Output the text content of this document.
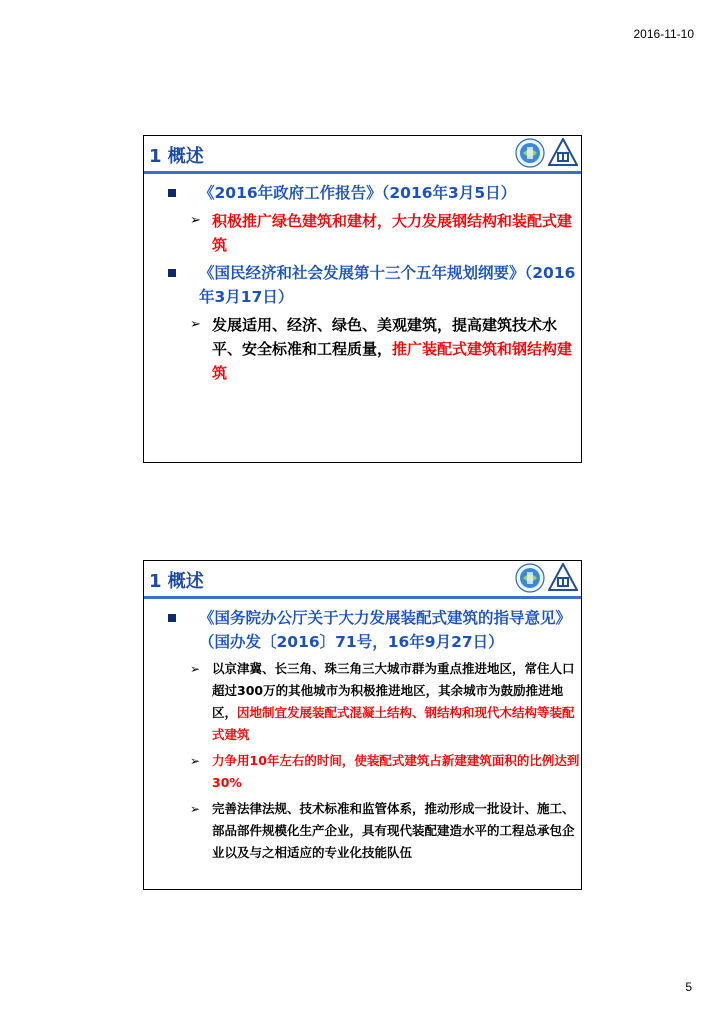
2016-11-10
1 概述
《2016年政府工作报告》（2016年3月5日）
➢ 积极推广绿色建筑和建材，大力发展钢结构和装配式建筑
《国民经济和社会发展第十三个五年规划纲要》（2016年3月17日）
➢ 发展适用、经济、绿色、美观建筑，提高建筑技术水平、安全标准和工程质量，推广装配式建筑和钢结构建筑
1 概述
《国务院办公厅关于大力发展装配式建筑的指导意见》（国办发〔2016〕71号，16年9月27日）
➢ 以京津冀、长三角、珠三角三大城市群为重点推进地区，常住人口超过300万的其他城市为积极推进地区，其余城市为鼓励推进地区，因地制宜发展装配式混凝土结构、钢结构和现代木结构等装配式建筑
➢ 力争用10年左右的时间，使装配式建筑占新建建筑面积的比例达到30%
➢ 完善法律法规、技术标准和监管体系，推动形成一批设计、施工、部品部件规模化生产企业，具有现代装配建造水平的工程总承包企业以及与之相适应的专业化技能队伍
5
